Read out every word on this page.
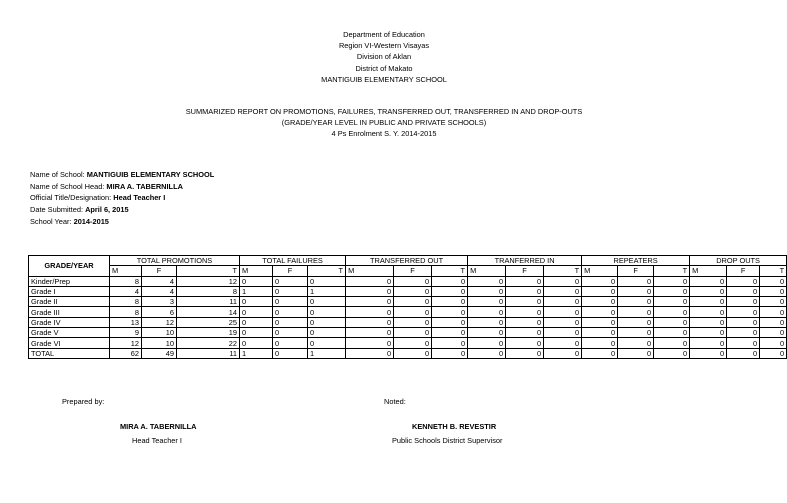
Department of Education
Region VI-Western Visayas
Division of Aklan
District of Makato
MANTIGUIB ELEMENTARY SCHOOL
SUMMARIZED REPORT ON PROMOTIONS, FAILURES, TRANSFERRED OUT, TRANSFERRED IN AND DROP-OUTS
(GRADE/YEAR LEVEL IN PUBLIC AND PRIVATE SCHOOLS)
4 Ps Enrolment S. Y. 2014-2015
Name of School: MANTIGUIB ELEMENTARY SCHOOL
Name of School Head: MIRA A. TABERNILLA
Official Title/Designation: Head Teacher I
Date Submitted: April 6, 2015
School Year: 2014-2015
GRADE/YEAR	TOTAL PROMOTIONS			TOTAL FAILURES			TRANSFERRED OUT			TRANFERRED IN			REPEATERS			DROP OUTS		
	M	F	T	M	F	T	M	F	T	M	F	T	M	F	T	M	F	T
Kinder/Prep	8	4	12	0	0	0	0	0	0	0	0	0	0	0	0	0	0	0
Grade I	4	4	8	1	0	1	0	0	0	0	0	0	0	0	0	0	0	0
Grade II	8	3	11	0	0	0	0	0	0	0	0	0	0	0	0	0	0	0
Grade III	8	6	14	0	0	0	0	0	0	0	0	0	0	0	0	0	0	0
Grade IV	13	12	25	0	0	0	0	0	0	0	0	0	0	0	0	0	0	0
Grade V	9	10	19	0	0	0	0	0	0	0	0	0	0	0	0	0	0	0
Grade VI	12	10	22	0	0	0	0	0	0	0	0	0	0	0	0	0	0	0
TOTAL	62	49	11	1	0	1	0	0	0	0	0	0	0	0	0	0	0	0
Prepared by:
MIRA A. TABERNILLA
Head Teacher I
Noted:
KENNETH B. REVESTIR
Public Schools District Supervisor
